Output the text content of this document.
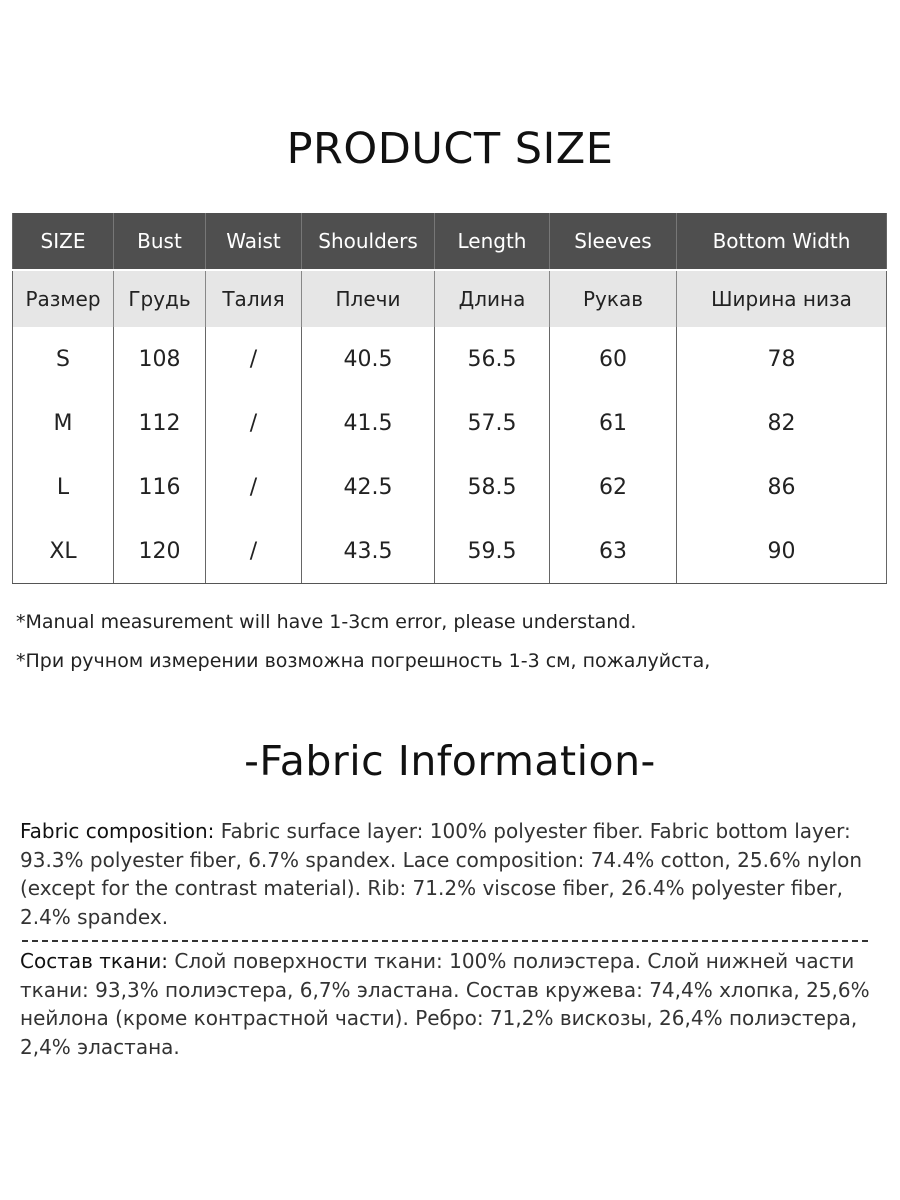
PRODUCT SIZE
SIZE	Bust	Waist	Shoulders	Length	Sleeves	Bottom Width
Размер	Грудь	Талия	Плечи	Длина	Рукав	Ширина низа
S	108	/	40.5	56.5	60	78
M	112	/	41.5	57.5	61	82
L	116	/	42.5	58.5	62	86
XL	120	/	43.5	59.5	63	90
*Manual measurement will have 1-3cm error, please understand.
*При ручном измерении возможна погрешность 1-3 см, пожалуйста,
-Fabric Information-
Fabric composition: Fabric surface layer: 100% polyester fiber. Fabric bottom layer: 93.3% polyester fiber, 6.7% spandex. Lace composition: 74.4% cotton, 25.6% nylon (except for the contrast material). Rib: 71.2% viscose fiber, 26.4% polyester fiber, 2.4% spandex.
Состав ткани: Слой поверхности ткани: 100% полиэстера. Слой нижней части ткани: 93,3% полиэстера, 6,7% эластана. Состав кружева: 74,4% хлопка, 25,6% нейлона (кроме контрастной части). Ребро: 71,2% вискозы, 26,4% полиэстера, 2,4% эластана.
